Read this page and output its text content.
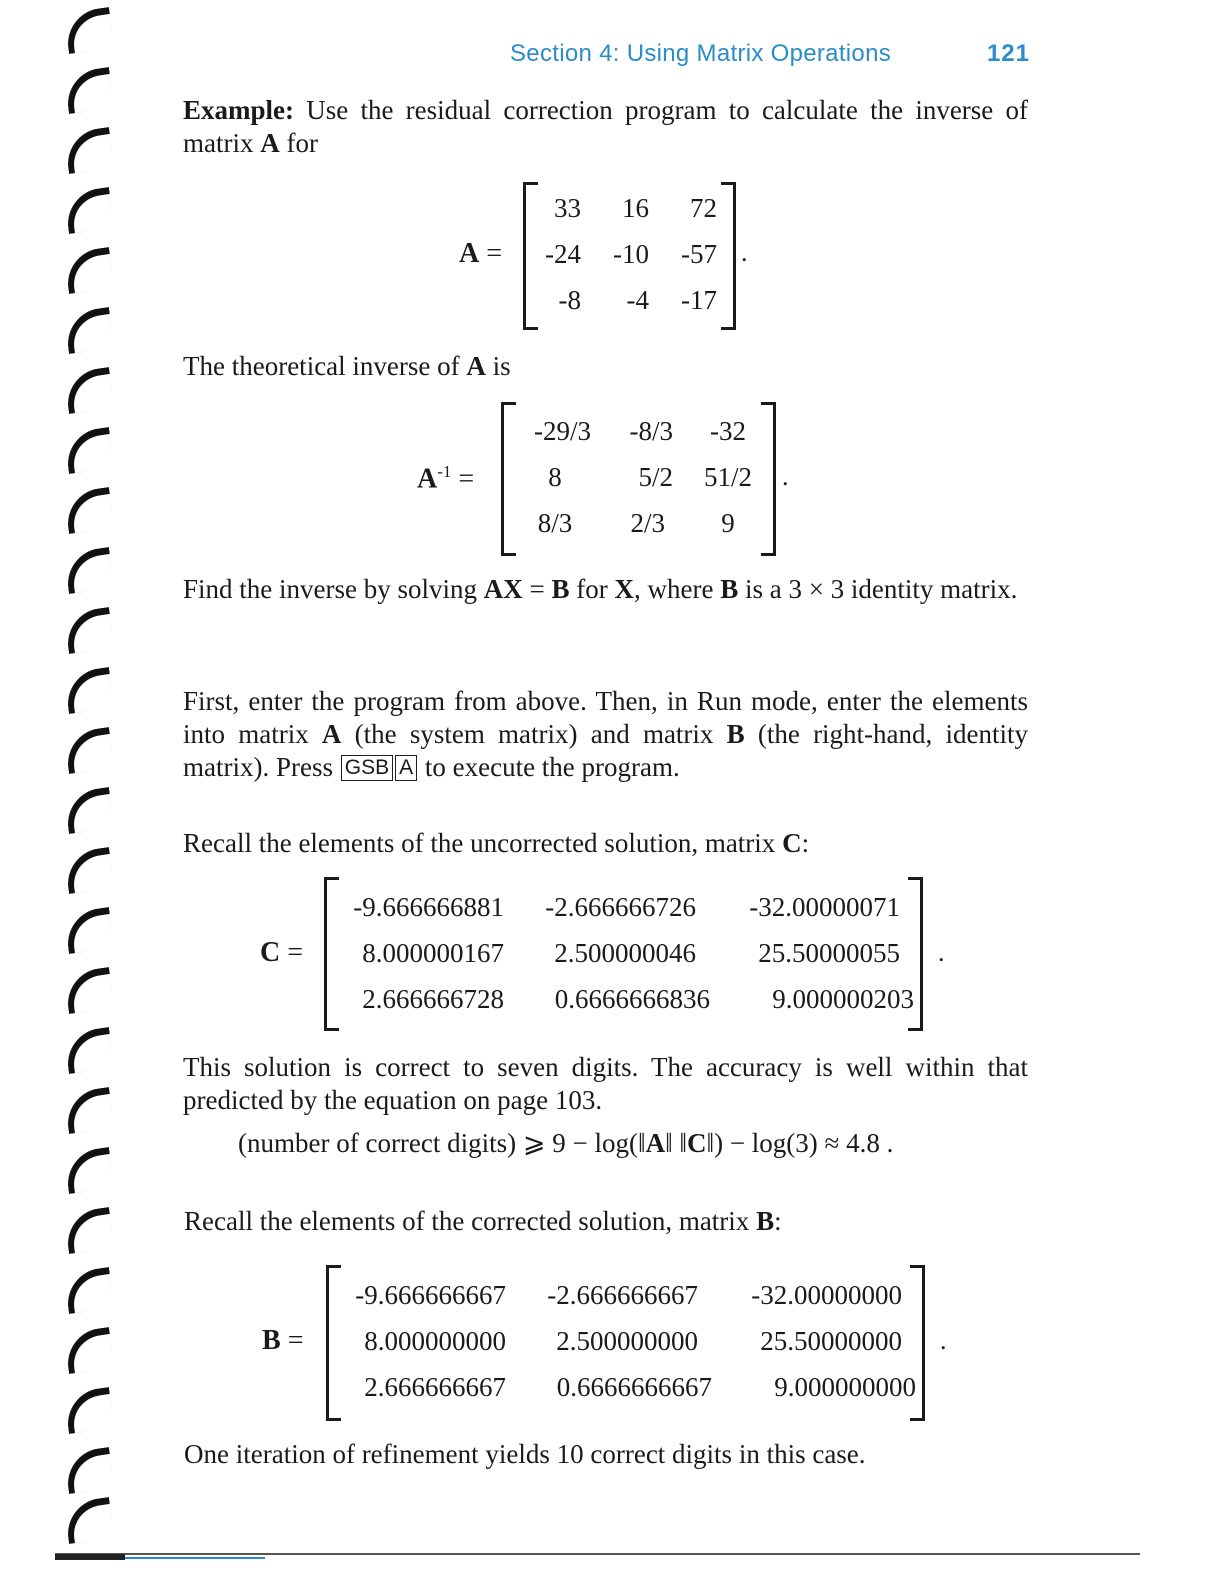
Section 4: Using Matrix Operations	121
Example: Use the residual correction program to calculate the inverse of matrix A for
A =
33	16	72
-24	-10	-57
-8	-4	-17
.
The theoretical inverse of A is
$A^{-1}$ =
-29/3	-8/3	-32
8	5/2	51/2
8/3	2/3	9
.
Find the inverse by solving AX = B for X, where B is a 3 × 3 identity matrix.
First, enter the program from above. Then, in Run mode, enter the elements into matrix A (the system matrix) and matrix B (the right-hand, identity matrix). Press GSB A to execute the program.
Recall the elements of the uncorrected solution, matrix C:
C =
-9.666666881	-2.666666726	-32.00000071
8.000000167	2.500000046	25.50000055
2.666666728	0.6666666836	9.000000203
.
This solution is correct to seven digits. The accuracy is well within that predicted by the equation on page 103.
(number of correct digits) ⩾ 9 − log(‖A‖ ‖C‖) − log(3) ≈ 4.8 .
Recall the elements of the corrected solution, matrix B:
B =
-9.666666667	-2.666666667	-32.00000000
8.000000000	2.500000000	25.50000000
2.666666667	0.6666666667	9.000000000
.
One iteration of refinement yields 10 correct digits in this case.
